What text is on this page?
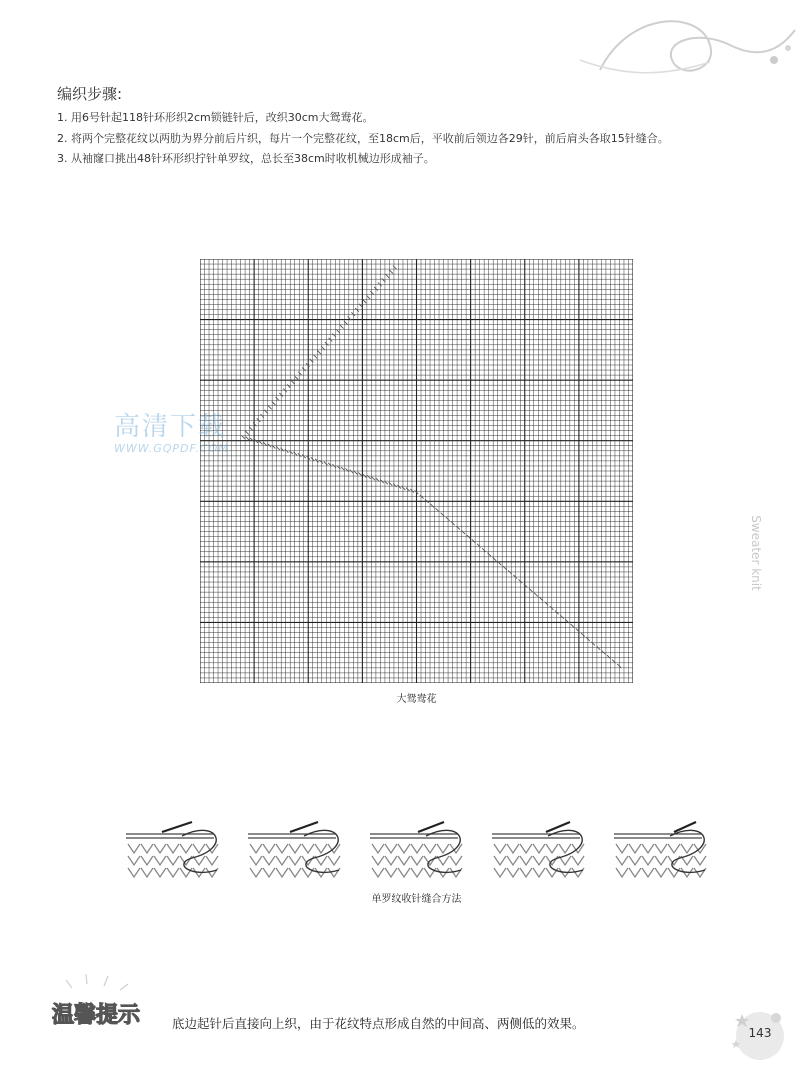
编织步骤:
1. 用6号针起118针环形织2cm锁链针后，改织30cm大鸳鸯花。
2. 将两个完整花纹以两肋为界分前后片织，每片一个完整花纹，至18cm后，平收前后领边各29针，前后肩头各取15针缝合。
3. 从袖窿口挑出48针环形织拧针单罗纹，总长至38cm时收机械边形成袖子。
大鸳鸯花
高清下载
WWW.GQPDF.COM
Sweater knit
单罗纹收针缝合方法
温馨提示	底边起针后直接向上织，由于花纹特点形成自然的中间高、两侧低的效果。
143
